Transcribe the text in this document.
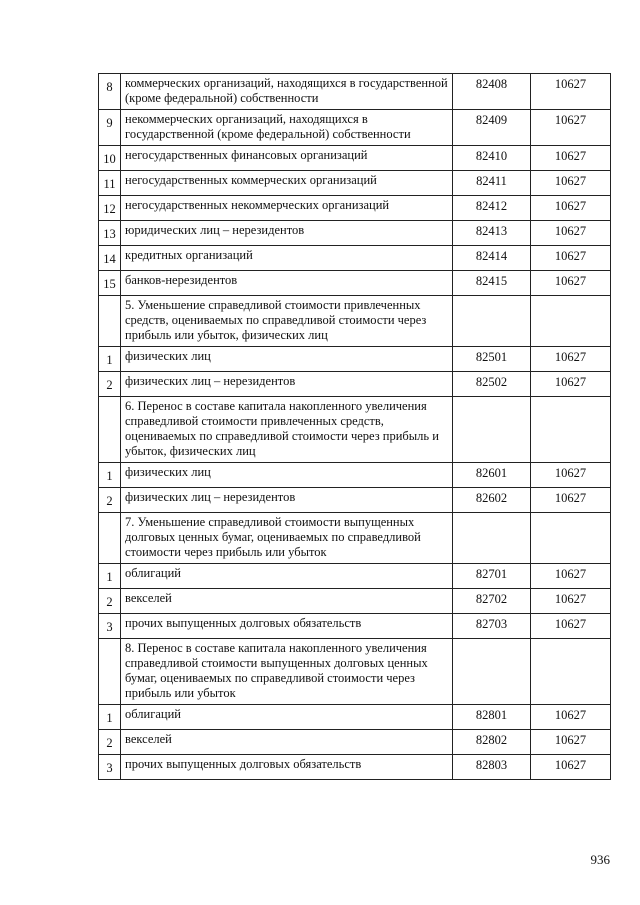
8	коммерческих организаций, находящихся в государственной (кроме федеральной) собственности	82408	10627
9	некоммерческих организаций, находящихся в государственной (кроме федеральной) собственности	82409	10627
10	негосударственных финансовых организаций	82410	10627
11	негосударственных коммерческих организаций	82411	10627
12	негосударственных некоммерческих организаций	82412	10627
13	юридических лиц – нерезидентов	82413	10627
14	кредитных организаций	82414	10627
15	банков-нерезидентов	82415	10627
	5. Уменьшение справедливой стоимости привлеченных средств, оцениваемых по справедливой стоимости через прибыль или убыток, физических лиц		
1	физических лиц	82501	10627
2	физических лиц – нерезидентов	82502	10627
	6. Перенос в составе капитала накопленного увеличения справедливой стоимости привлеченных средств, оцениваемых по справедливой стоимости через прибыль и убыток, физических лиц		
1	физических лиц	82601	10627
2	физических лиц – нерезидентов	82602	10627
	7. Уменьшение справедливой стоимости выпущенных долговых ценных бумаг, оцениваемых по справедливой стоимости через прибыль или убыток		
1	облигаций	82701	10627
2	векселей	82702	10627
3	прочих выпущенных долговых обязательств	82703	10627
	8. Перенос в составе капитала накопленного увеличения справедливой стоимости выпущенных долговых ценных бумаг, оцениваемых по справедливой стоимости через прибыль или убыток		
1	облигаций	82801	10627
2	векселей	82802	10627
3	прочих выпущенных долговых обязательств	82803	10627
936
